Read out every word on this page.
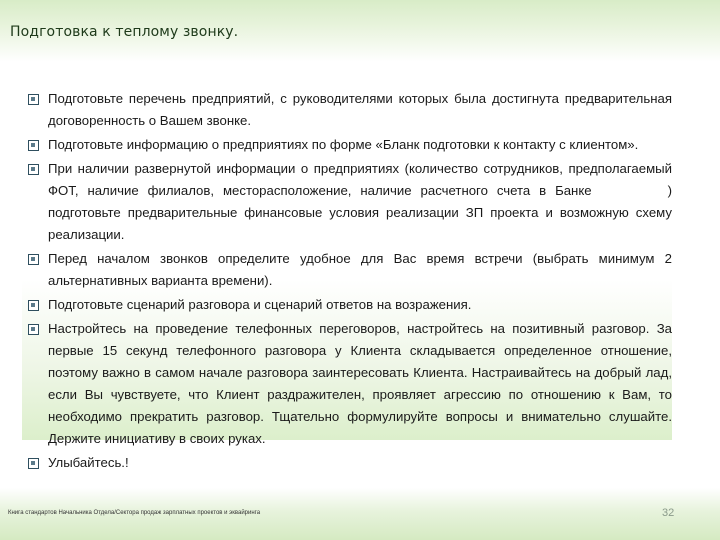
Подготовка к теплому звонку.
Подготовьте перечень предприятий, с руководителями которых была достигнута предварительная договоренность о Вашем звонке.
Подготовьте информацию о предприятиях по форме «Бланк подготовки к контакту с клиентом».
При наличии развернутой информации о предприятиях (количество сотрудников, предполагаемый ФОТ, наличие филиалов, месторасположение, наличие расчетного счета в Банке	) подготовьте предварительные финансовые условия реализации ЗП проекта и возможную схему реализации.
Перед началом звонков определите удобное для Вас время встречи (выбрать минимум 2 альтернативных варианта времени).
Подготовьте сценарий разговора и сценарий ответов на возражения.
Настройтесь на проведение телефонных переговоров, настройтесь на позитивный разговор. За первые 15 секунд телефонного разговора у Клиента складывается определенное отношение, поэтому важно в самом начале разговора заинтересовать Клиента. Настраивайтесь на добрый лад, если Вы чувствуете, что Клиент раздражителен, проявляет агрессию по отношению к Вам, то необходимо прекратить разговор. Тщательно формулируйте вопросы и внимательно слушайте. Держите инициативу в своих руках.
Улыбайтесь.!
Книга стандартов Начальника Отдела/Сектора продаж зарплатных проектов и эквайринга	32
